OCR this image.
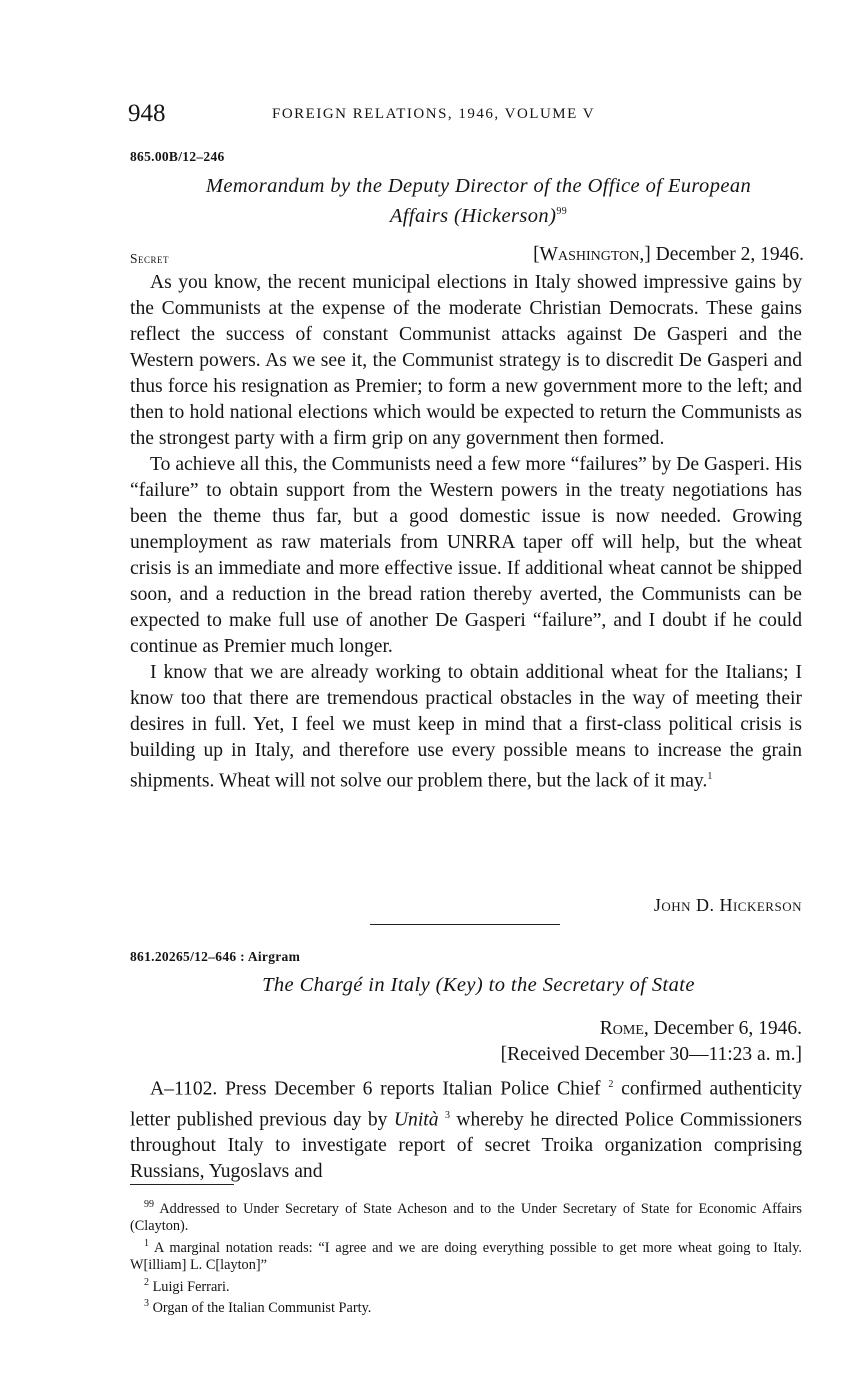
948	FOREIGN RELATIONS, 1946, VOLUME V
865.00B/12–246
Memorandum by the Deputy Director of the Office of European
Affairs (Hickerson)$^{99}$
Secret	[Washington,] December 2, 1946.

As you know, the recent municipal elections in Italy showed impressive gains by the Communists at the expense of the moderate Christian Democrats. These gains reflect the success of constant Communist attacks against De Gasperi and the Western powers. As we see it, the Communist strategy is to discredit De Gasperi and thus force his resignation as Premier; to form a new government more to the left; and then to hold national elections which would be expected to return the Communists as the strongest party with a firm grip on any government then formed.

To achieve all this, the Communists need a few more “failures” by De Gasperi. His “failure” to obtain support from the Western powers in the treaty negotiations has been the theme thus far, but a good domestic issue is now needed. Growing unemployment as raw materials from UNRRA taper off will help, but the wheat crisis is an immediate and more effective issue. If additional wheat cannot be shipped soon, and a reduction in the bread ration thereby averted, the Communists can be expected to make full use of another De Gasperi “failure”, and I doubt if he could continue as Premier much longer.

I know that we are already working to obtain additional wheat for the Italians; I know too that there are tremendous practical obstacles in the way of meeting their desires in full. Yet, I feel we must keep in mind that a first-class political crisis is building up in Italy, and therefore use every possible means to increase the grain shipments. Wheat will not solve our problem there, but the lack of it may.$^1$

John D. Hickerson
861.20265/12–646 : Airgram
The Chargé in Italy (Key) to the Secretary of State
Rome, December 6, 1946.
[Received December 30—11:23 a. m.]

A–1102. Press December 6 reports Italian Police Chief $^2$ confirmed authenticity letter published previous day by Unità $^3$ whereby he directed Police Commissioners throughout Italy to investigate report of secret Troika organization comprising Russians, Yugoslavs and

$^{99}$ Addressed to Under Secretary of State Acheson and to the Under Secretary of State for Economic Affairs (Clayton).

$^1$ A marginal notation reads: “I agree and we are doing everything possible to get more wheat going to Italy. W[illiam] L. C[layton]”

$^2$ Luigi Ferrari.

$^3$ Organ of the Italian Communist Party.
